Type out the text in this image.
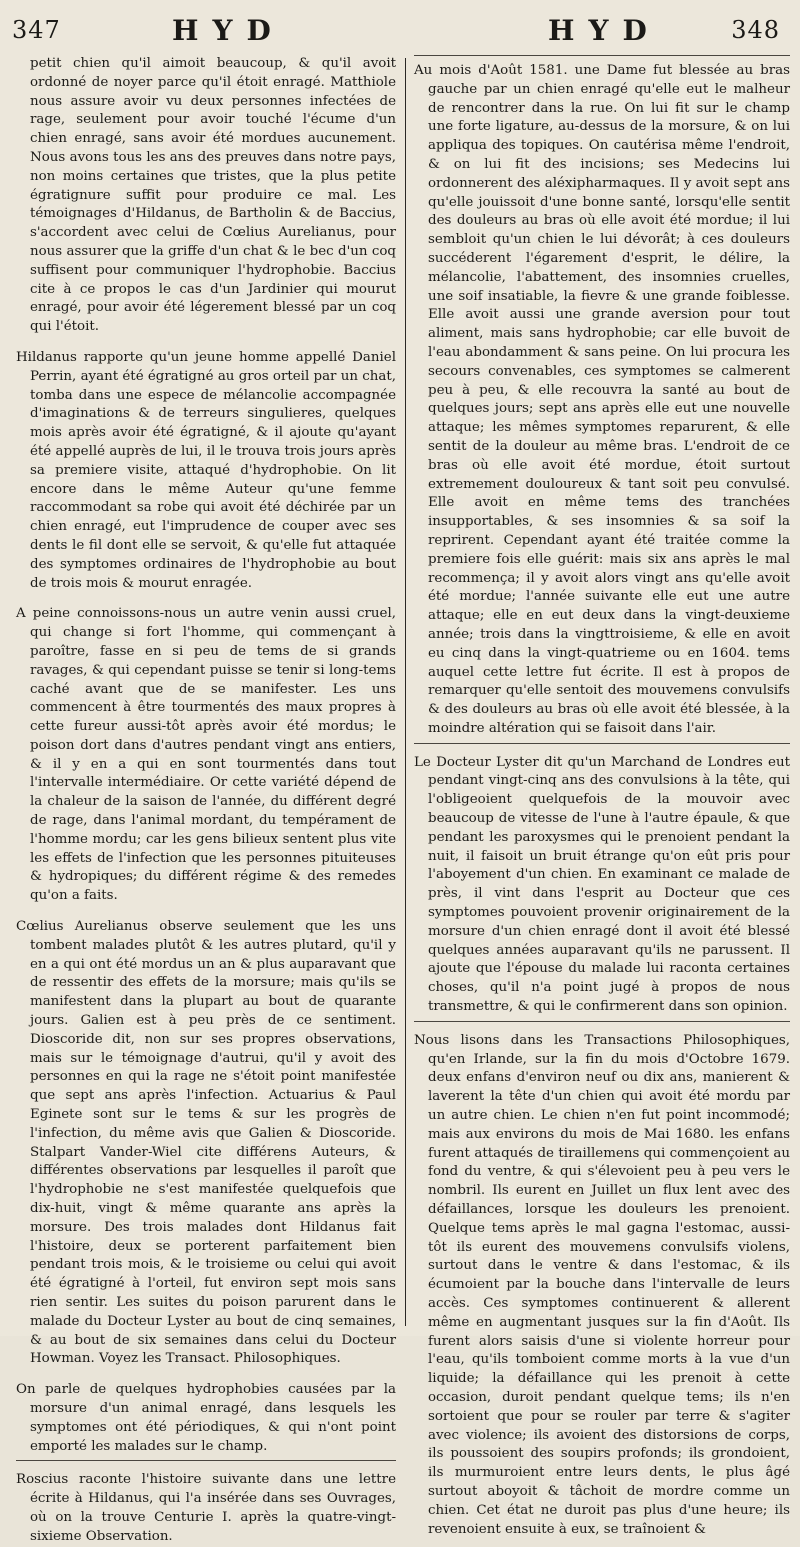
347	HYD	HYD	348

petit chien qu'il aimoit beaucoup, & qu'il avoit ordonné de noyer parce qu'il étoit enragé. Matthiole nous assure avoir vu deux personnes infectées de rage, seulement pour avoir touché l'écume d'un chien enragé, sans avoir été mordues aucunement. Nous avons tous les ans des preuves dans notre pays, non moins certaines que tristes, que la plus petite égratignure suffit pour produire ce mal. Les témoignages d'Hildanus, de Bartholin & de Baccius, s'accordent avec celui de Cœlius Aurelianus, pour nous assurer que la griffe d'un chat & le bec d'un coq suffisent pour communiquer l'hydrophobie. Baccius cite à ce propos le cas d'un Jardinier qui mourut enragé, pour avoir été légerement blessé par un coq qui l'étoit.

Hildanus rapporte qu'un jeune homme appellé Daniel Perrin, ayant été égratigné au gros orteil par un chat, tomba dans une espece de mélancolie accompagnée d'imaginations & de terreurs singulieres, quelques mois après avoir été égratigné, & il ajoute qu'ayant été appellé auprès de lui, il le trouva trois jours après sa premiere visite, attaqué d'hydrophobie. On lit encore dans le même Auteur qu'une femme raccommodant sa robe qui avoit été déchirée par un chien enragé, eut l'imprudence de couper avec ses dents le fil dont elle se servoit, & qu'elle fut attaquée des symptomes ordinaires de l'hydrophobie au bout de trois mois & mourut enragée.

A peine connoissons-nous un autre venin aussi cruel, qui change si fort l'homme, qui commençant à paroître, fasse en si peu de tems de si grands ravages, & qui cependant puisse se tenir si long-tems caché avant que de se manifester. Les uns commencent à être tourmentés des maux propres à cette fureur aussi-tôt après avoir été mordus; le poison dort dans d'autres pendant vingt ans entiers, & il y en a qui en sont tourmentés dans tout l'intervalle intermédiaire. Or cette variété dépend de la chaleur de la saison de l'année, du différent degré de rage, dans l'animal mordant, du tempérament de l'homme mordu; car les gens bilieux sentent plus vite les effets de l'infection que les personnes pituiteuses & hydropiques; du différent régime & des remedes qu'on a faits.

Cœlius Aurelianus observe seulement que les uns tombent malades plutôt & les autres plutard, qu'il y en a qui ont été mordus un an & plus auparavant que de ressentir des effets de la morsure; mais qu'ils se manifestent dans la plupart au bout de quarante jours. Galien est à peu près de ce sentiment. Dioscoride dit, non sur ses propres observations, mais sur le témoignage d'autrui, qu'il y avoit des personnes en qui la rage ne s'étoit point manifestée que sept ans après l'infection. Actuarius & Paul Eginete sont sur le tems & sur les progrès de l'infection, du même avis que Galien & Dioscoride. Stalpart Vander-Wiel cite différens Auteurs, & différentes observations par lesquelles il paroît que l'hydrophobie ne s'est manifestée quelquefois que dix-huit, vingt & même quarante ans après la morsure. Des trois malades dont Hildanus fait l'histoire, deux se porterent parfaitement bien pendant trois mois, & le troisieme ou celui qui avoit été égratigné à l'orteil, fut environ sept mois sans rien sentir. Les suites du poison parurent dans le malade du Docteur Lyster au bout de cinq semaines, & au bout de six semaines dans celui du Docteur Howman. Voyez les Transact. Philosophiques.

On parle de quelques hydrophobies causées par la morsure d'un animal enragé, dans lesquels les symptomes ont été périodiques, & qui n'ont point emporté les malades sur le champ.

Roscius raconte l'histoire suivante dans une lettre écrite à Hildanus, qui l'a insérée dans ses Ouvrages, où on la trouve Centurie I. après la quatre-vingt-sixieme Observation.

Au mois d'Août 1581. une Dame fut blessée au bras gauche par un chien enragé qu'elle eut le malheur de rencontrer dans la rue. On lui fit sur le champ une forte ligature, au-dessus de la morsure, & on lui appliqua des topiques. On cautérisa même l'endroit, & on lui fit des incisions; ses Medecins lui ordonnerent des aléxipharmaques. Il y avoit sept ans qu'elle jouissoit d'une bonne santé, lorsqu'elle sentit des douleurs au bras où elle avoit été mordue; il lui sembloit qu'un chien le lui dévorât; à ces douleurs succéderent l'égarement d'esprit, le délire, la mélancolie, l'abattement, des insomnies cruelles, une soif insatiable, la fievre & une grande foiblesse. Elle avoit aussi une grande aversion pour tout aliment, mais sans hydrophobie; car elle buvoit de l'eau abondamment & sans peine. On lui procura les secours convenables, ces symptomes se calmerent peu à peu, & elle recouvra la santé au bout de quelques jours; sept ans après elle eut une nouvelle attaque; les mêmes symptomes reparurent, & elle sentit de la douleur au même bras. L'endroit de ce bras où elle avoit été mordue, étoit surtout extremement douloureux & tant soit peu convulsé. Elle avoit en même tems des tranchées insupportables, & ses insomnies & sa soif la reprirent. Cependant ayant été traitée comme la premiere fois elle guérit: mais six ans après le mal recommença; il y avoit alors vingt ans qu'elle avoit été mordue; l'année suivante elle eut une autre attaque; elle en eut deux dans la vingt-deuxieme année; trois dans la vingttroisieme, & elle en avoit eu cinq dans la vingt-quatrieme ou en 1604. tems auquel cette lettre fut écrite. Il est à propos de remarquer qu'elle sentoit des mouvemens convulsifs & des douleurs au bras où elle avoit été blessée, à la moindre altération qui se faisoit dans l'air.

Le Docteur Lyster dit qu'un Marchand de Londres eut pendant vingt-cinq ans des convulsions à la tête, qui l'obligeoient quelquefois de la mouvoir avec beaucoup de vitesse de l'une à l'autre épaule, & que pendant les paroxysmes qui le prenoient pendant la nuit, il faisoit un bruit étrange qu'on eût pris pour l'aboyement d'un chien. En examinant ce malade de près, il vint dans l'esprit au Docteur que ces symptomes pouvoient provenir originairement de la morsure d'un chien enragé dont il avoit été blessé quelques années auparavant qu'ils ne parussent. Il ajoute que l'épouse du malade lui raconta certaines choses, qu'il n'a point jugé à propos de nous transmettre, & qui le confirmerent dans son opinion.

Nous lisons dans les Transactions Philosophiques, qu'en Irlande, sur la fin du mois d'Octobre 1679. deux enfans d'environ neuf ou dix ans, manierent & laverent la tête d'un chien qui avoit été mordu par un autre chien. Le chien n'en fut point incommodé; mais aux environs du mois de Mai 1680. les enfans furent attaqués de tiraillemens qui commençoient au fond du ventre, & qui s'élevoient peu à peu vers le nombril. Ils eurent en Juillet un flux lent avec des défaillances, lorsque les douleurs les prenoient. Quelque tems après le mal gagna l'estomac, aussi-tôt ils eurent des mouvemens convulsifs violens, surtout dans le ventre & dans l'estomac, & ils écumoient par la bouche dans l'intervalle de leurs accès. Ces symptomes continuerent & allerent même en augmentant jusques sur la fin d'Août. Ils furent alors saisis d'une si violente horreur pour l'eau, qu'ils tomboient comme morts à la vue d'un liquide; la défaillance qui les prenoit à cette occasion, duroit pendant quelque tems; ils n'en sortoient que pour se rouler par terre & s'agiter avec violence; ils avoient des distorsions de corps, ils poussoient des soupirs profonds; ils grondoient, ils murmuroient entre leurs dents, le plus âgé surtout aboyoit & tâchoit de mordre comme un chien. Cet état ne duroit pas plus d'une heure; ils revenoient ensuite à eux, se traînoient &
